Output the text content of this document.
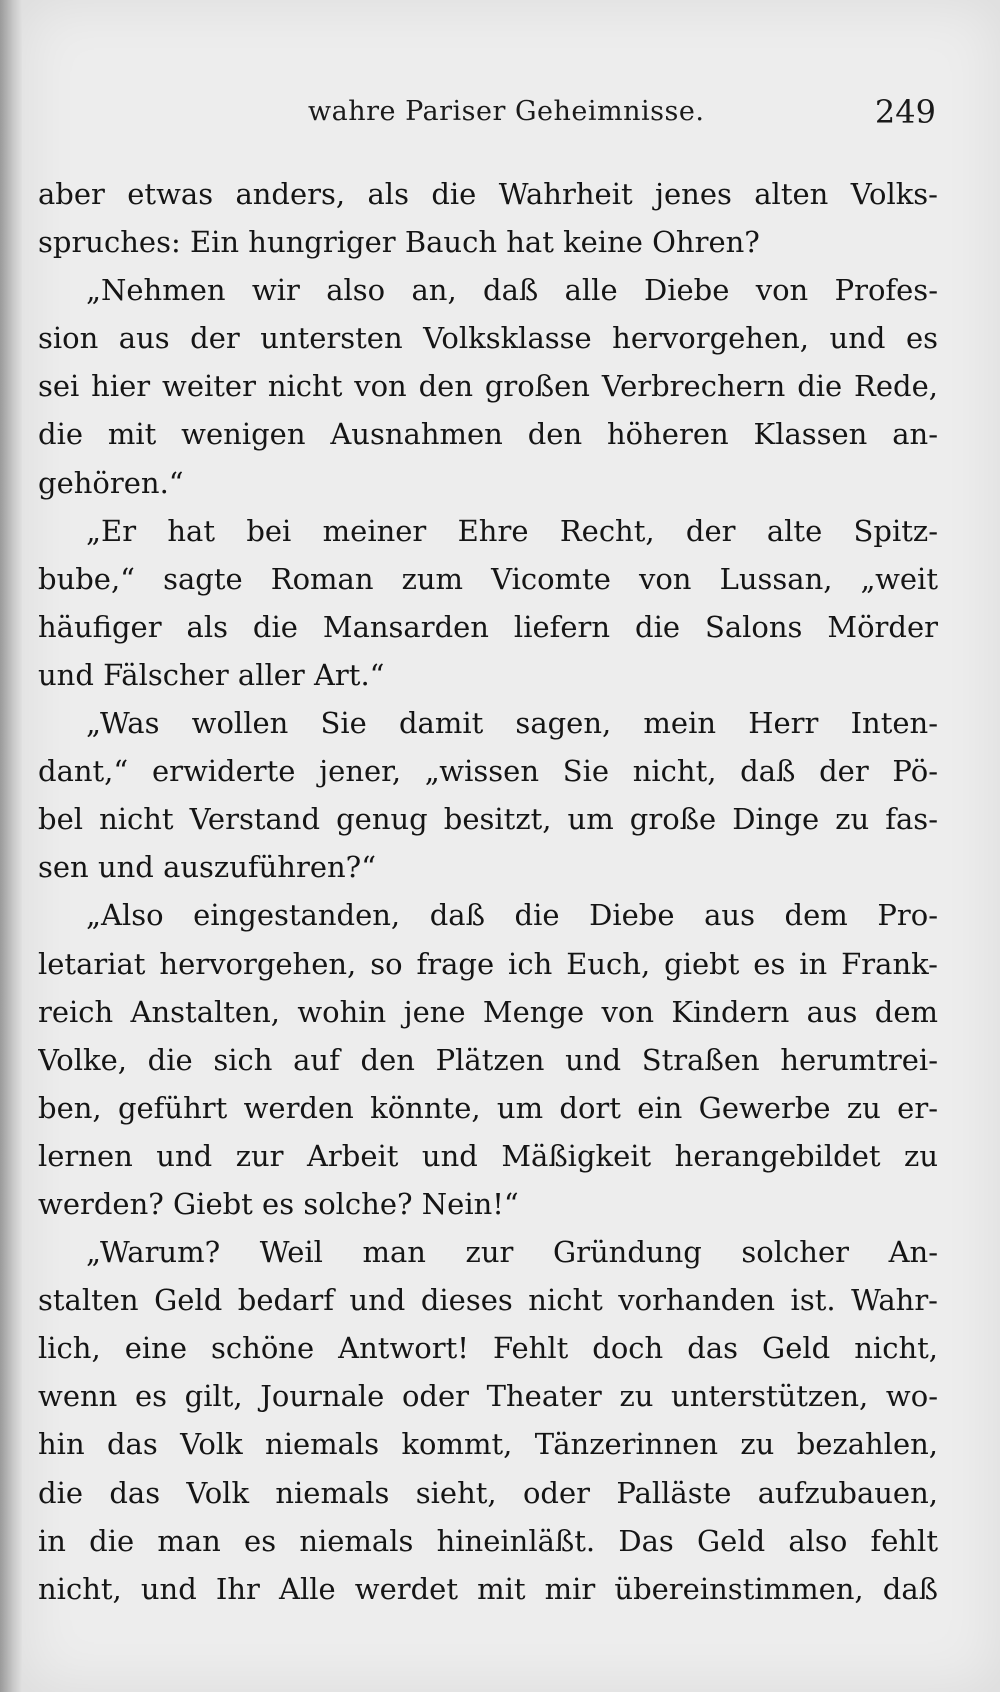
wahre Pariser Geheimnisse.	249
aber etwas anders, als die Wahrheit jenes alten Volks-
spruches: Ein hungriger Bauch hat keine Ohren?
„Nehmen wir also an, daß alle Diebe von Profes-
sion aus der untersten Volksklasse hervorgehen, und es
sei hier weiter nicht von den großen Verbrechern die Rede,
die mit wenigen Ausnahmen den höheren Klassen an-
gehören.“
„Er hat bei meiner Ehre Recht, der alte Spitz-
bube,“ sagte Roman zum Vicomte von Lussan, „weit
häufiger als die Mansarden liefern die Salons Mörder
und Fälscher aller Art.“
„Was wollen Sie damit sagen, mein Herr Inten-
dant,“ erwiderte jener, „wissen Sie nicht, daß der Pö-
bel nicht Verstand genug besitzt, um große Dinge zu fas-
sen und auszuführen?“
„Also eingestanden, daß die Diebe aus dem Pro-
letariat hervorgehen, so frage ich Euch, giebt es in Frank-
reich Anstalten, wohin jene Menge von Kindern aus dem
Volke, die sich auf den Plätzen und Straßen herumtrei-
ben, geführt werden könnte, um dort ein Gewerbe zu er-
lernen und zur Arbeit und Mäßigkeit herangebildet zu
werden? Giebt es solche? Nein!“
„Warum? Weil man zur Gründung solcher An-
stalten Geld bedarf und dieses nicht vorhanden ist. Wahr-
lich, eine schöne Antwort! Fehlt doch das Geld nicht,
wenn es gilt, Journale oder Theater zu unterstützen, wo-
hin das Volk niemals kommt, Tänzerinnen zu bezahlen,
die das Volk niemals sieht, oder Palläste aufzubauen,
in die man es niemals hineinläßt. Das Geld also fehlt
nicht, und Ihr Alle werdet mit mir übereinstimmen, daß
